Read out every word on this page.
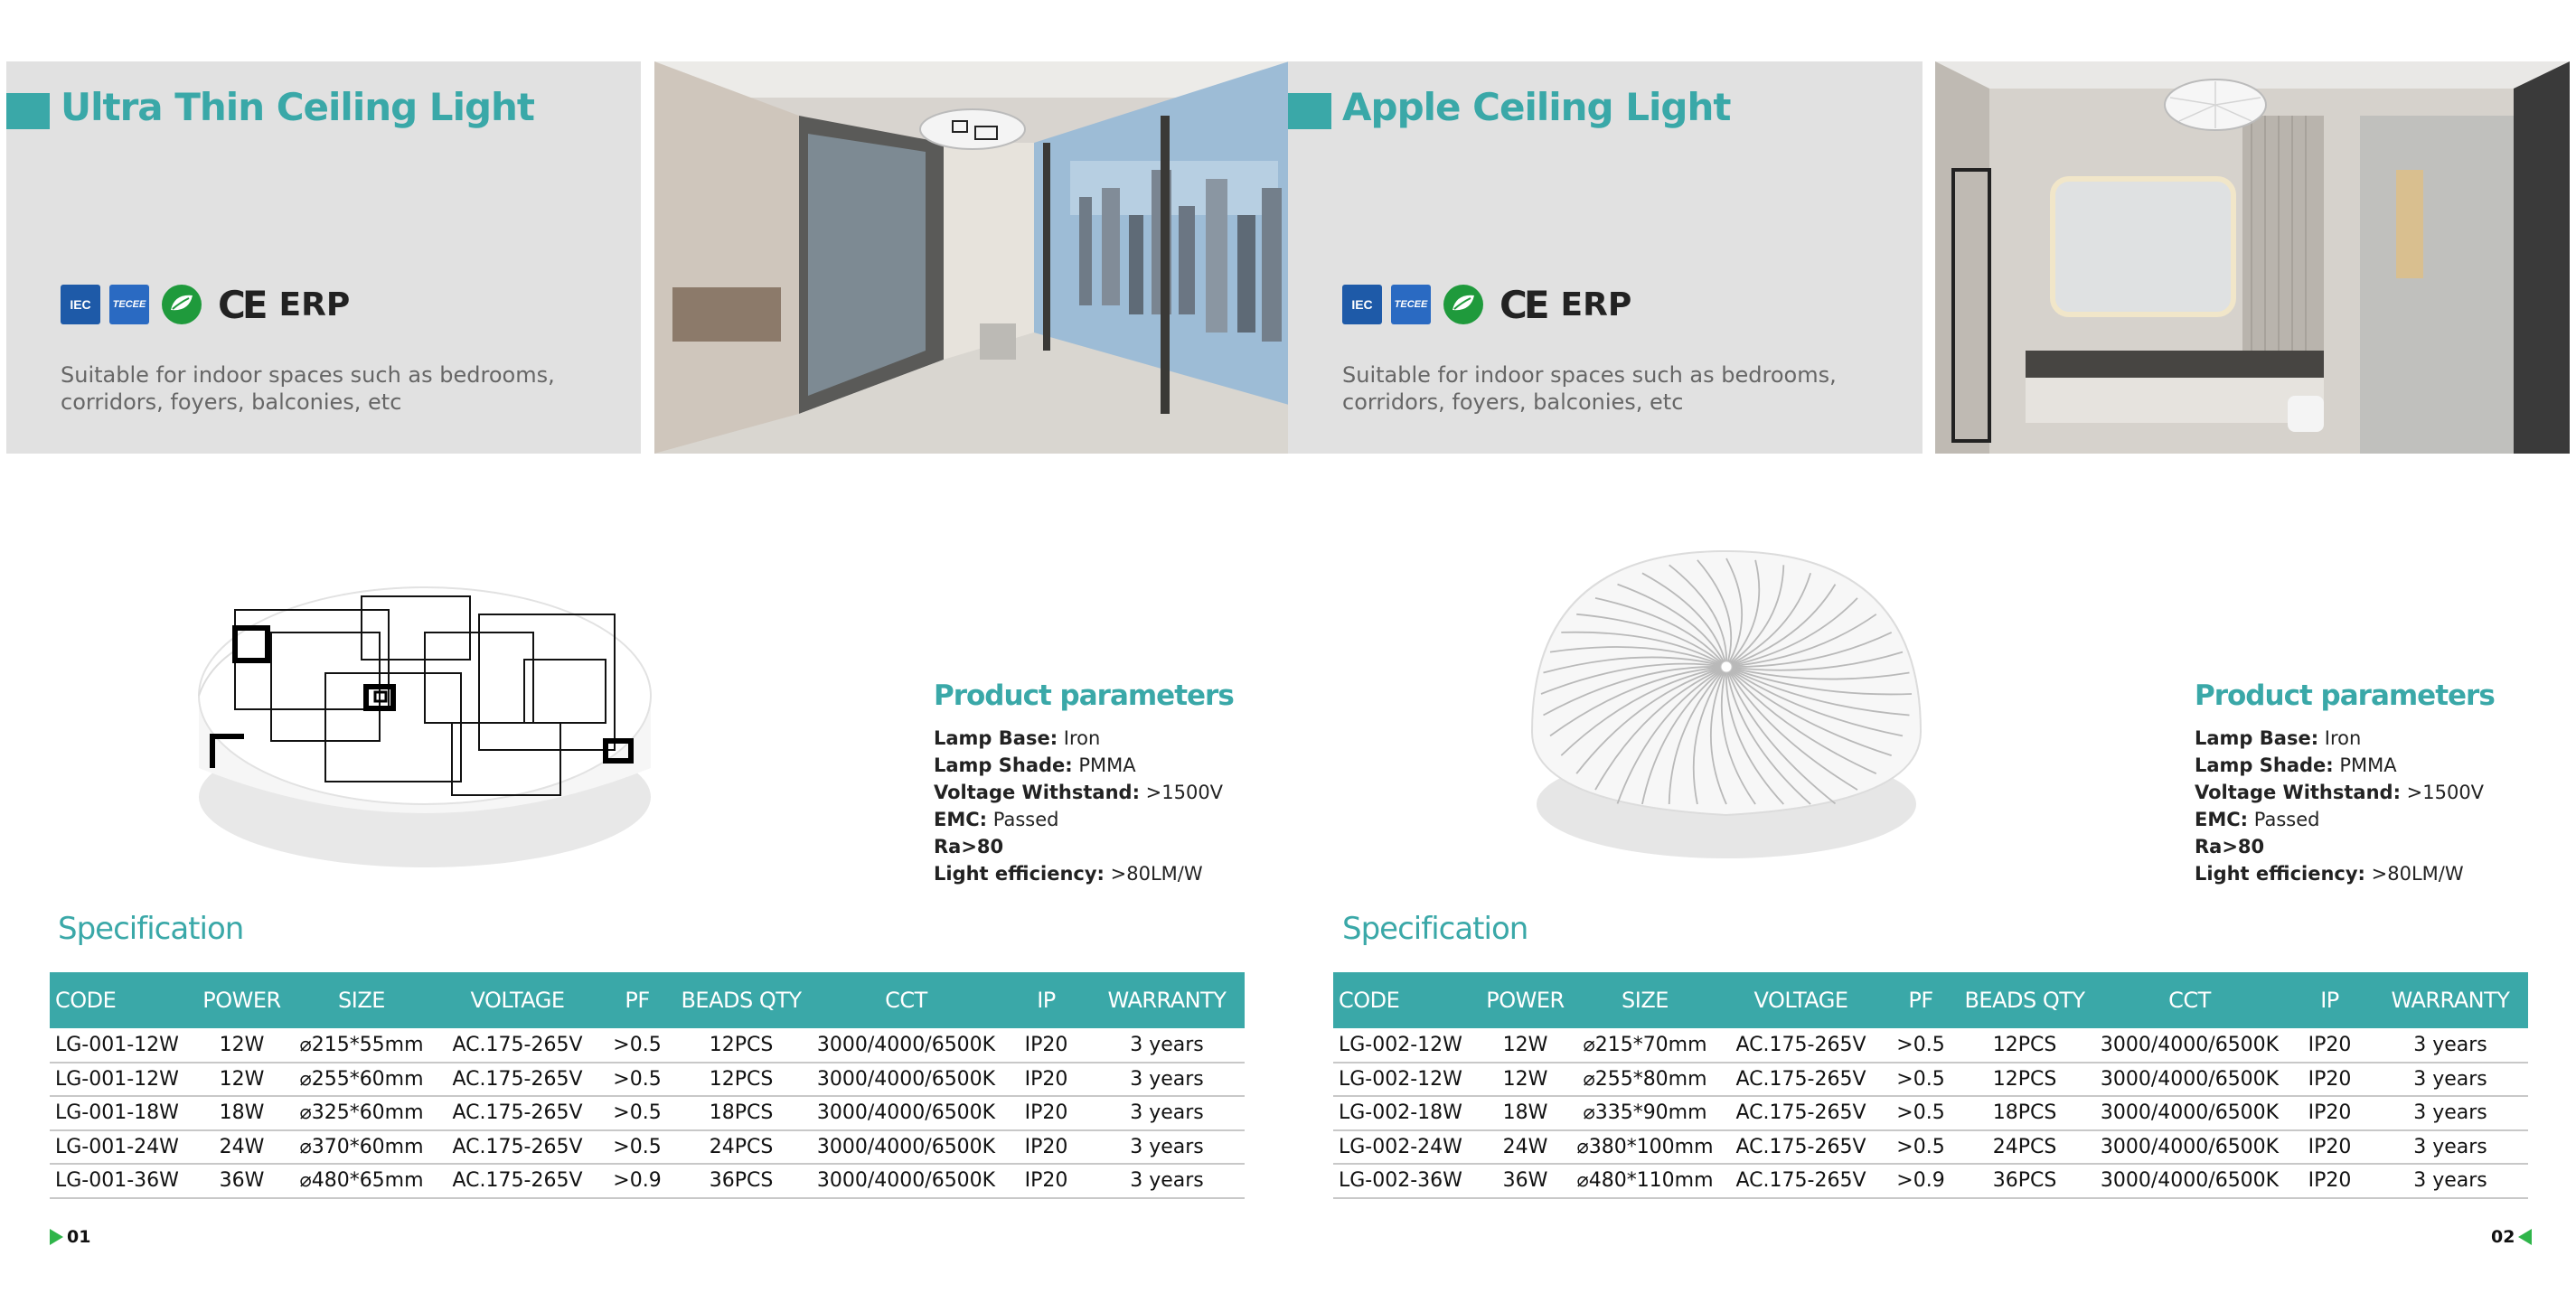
Ultra Thin Ceiling Light
IEC	TECEE CE ERP
Suitable for indoor spaces such as bedrooms,
corridors, foyers, balconies, etc
Product parameters
Lamp Base: Iron
Lamp Shade: PMMA
Voltage Withstand: >1500V
EMC: Passed
Ra>80
Light efficiency: >80LM/W
Specification
CODE	POWER	SIZE	VOLTAGE	PF	BEADS QTY	CCT	IP	WARRANTY
LG-001-12W	12W	⌀215*55mm	AC.175-265V	>0.5	12PCS	3000/4000/6500K	IP20	3 years
LG-001-12W	12W	⌀255*60mm	AC.175-265V	>0.5	12PCS	3000/4000/6500K	IP20	3 years
LG-001-18W	18W	⌀325*60mm	AC.175-265V	>0.5	18PCS	3000/4000/6500K	IP20	3 years
LG-001-24W	24W	⌀370*60mm	AC.175-265V	>0.5	24PCS	3000/4000/6500K	IP20	3 years
LG-001-36W	36W	⌀480*65mm	AC.175-265V	>0.9	36PCS	3000/4000/6500K	IP20	3 years
01
Apple Ceiling Light
IEC	TECEE CE ERP
Suitable for indoor spaces such as bedrooms,
corridors, foyers, balconies, etc
Product parameters
Lamp Base: Iron
Lamp Shade: PMMA
Voltage Withstand: >1500V
EMC: Passed
Ra>80
Light efficiency: >80LM/W
Specification
CODE	POWER	SIZE	VOLTAGE	PF	BEADS QTY	CCT	IP	WARRANTY
LG-002-12W	12W	⌀215*70mm	AC.175-265V	>0.5	12PCS	3000/4000/6500K	IP20	3 years
LG-002-12W	12W	⌀255*80mm	AC.175-265V	>0.5	12PCS	3000/4000/6500K	IP20	3 years
LG-002-18W	18W	⌀335*90mm	AC.175-265V	>0.5	18PCS	3000/4000/6500K	IP20	3 years
LG-002-24W	24W	⌀380*100mm	AC.175-265V	>0.5	24PCS	3000/4000/6500K	IP20	3 years
LG-002-36W	36W	⌀480*110mm	AC.175-265V	>0.9	36PCS	3000/4000/6500K	IP20	3 years
02
